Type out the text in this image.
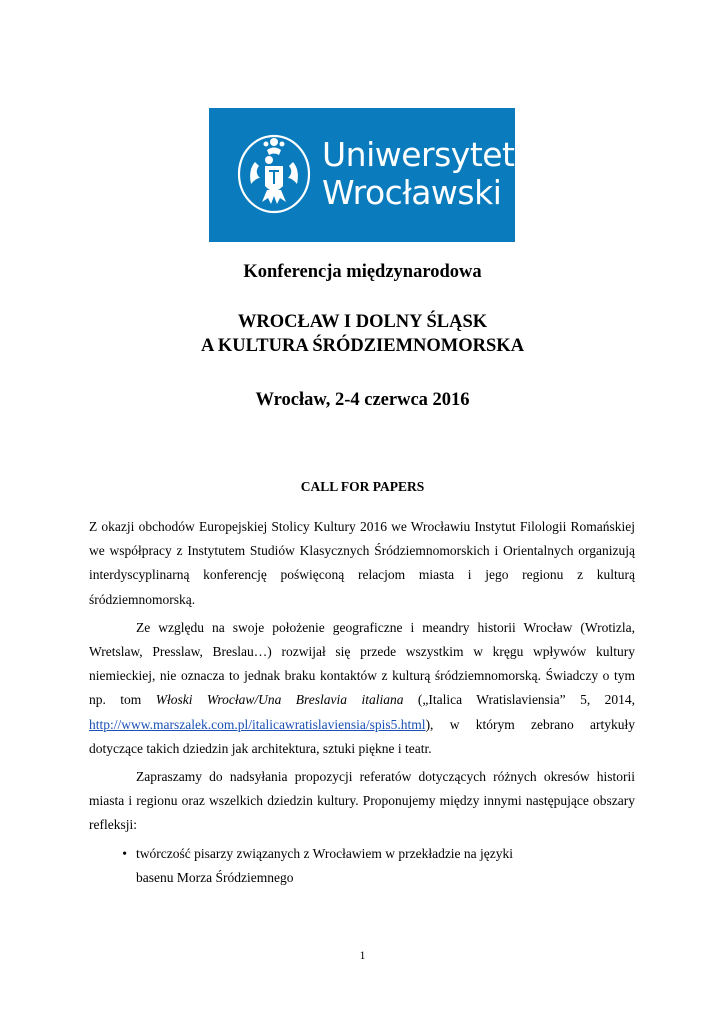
Uniwersytet
Wrocławski
Konferencja międzynarodowa
WROCŁAW I DOLNY ŚLĄSK
A KULTURA ŚRÓDZIEMNOMORSKA
Wrocław, 2-4 czerwca 2016
CALL FOR PAPERS

Z okazji obchodów Europejskiej Stolicy Kultury 2016 we Wrocławiu Instytut Filologii Romańskiej we współpracy z Instytutem Studiów Klasycznych Śródziemnomorskich i Orientalnych organizują interdyscyplinarną konferencję poświęconą relacjom miasta i jego regionu z kulturą śródziemnomorską.

Ze względu na swoje położenie geograficzne i meandry historii Wrocław (Wrotizla, Wretslaw, Presslaw, Breslau…) rozwijał się przede wszystkim w kręgu wpływów kultury niemieckiej, nie oznacza to jednak braku kontaktów z kulturą śródziemnomorską. Świadczy o tym np. tom Włoski Wrocław/Una Breslavia italiana („Italica Wratislaviensia” 5, 2014, http://www.marszalek.com.pl/italicawratislaviensia/spis5.html), w którym zebrano artykuły dotyczące takich dziedzin jak architektura, sztuki piękne i teatr.

Zapraszamy do nadsyłania propozycji referatów dotyczących różnych okresów historii miasta i regionu oraz wszelkich dziedzin kultury. Proponujemy między innymi następujące obszary refleksji:

• twórczość pisarzy związanych z Wrocławiem w przekładzie na języki basenu Morza Śródziemnego
1
